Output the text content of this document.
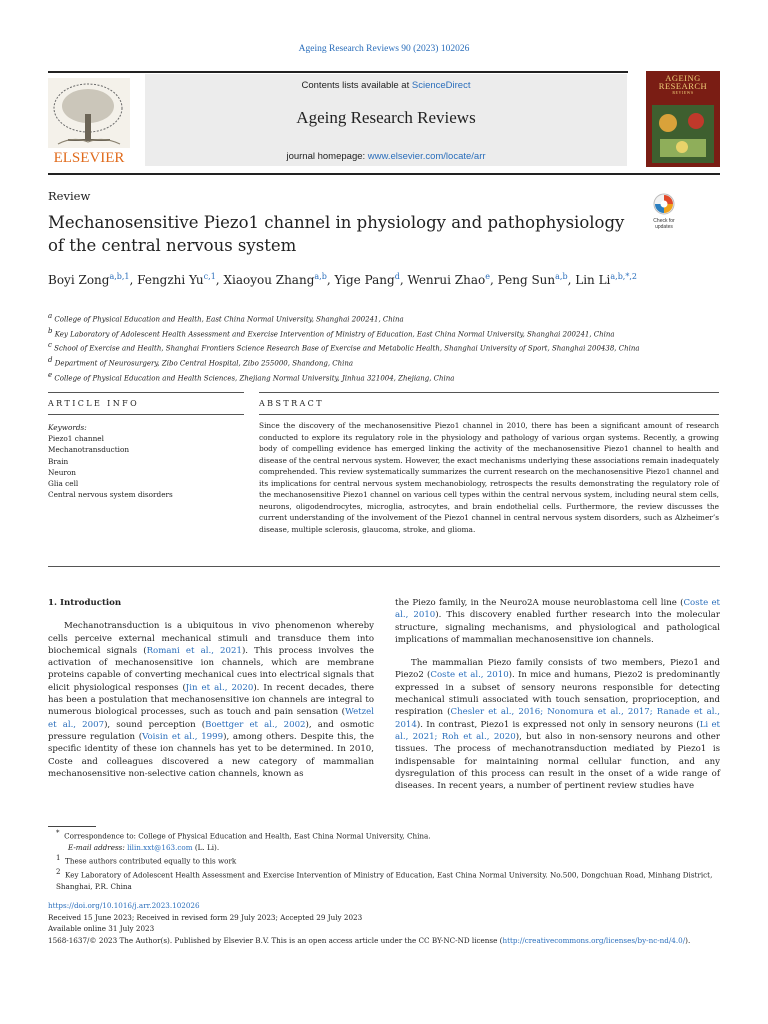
Ageing Research Reviews 90 (2023) 102026
ELSEVIER
Contents lists available at ScienceDirect
Ageing Research Reviews
journal homepage: www.elsevier.com/locate/arr
AGEING
RESEARCH
REVIEWS
Review
Mechanosensitive Piezo1 channel in physiology and pathophysiology of the central nervous system
Check for
updates
Boyi Zong$^{a,b,1}$, Fengzhi Yu$^{c,1}$, Xiaoyou Zhang$^{a,b}$, Yige Pang$^d$, Wenrui Zhao$^e$, Peng Sun$^{a,b}$, Lin $Li^{a,b,*,2}$
a College of Physical Education and Health, East China Normal University, Shanghai 200241, China
b Key Laboratory of Adolescent Health Assessment and Exercise Intervention of Ministry of Education, East China Normal University, Shanghai 200241, China
c School of Exercise and Health, Shanghai Frontiers Science Research Base of Exercise and Metabolic Health, Shanghai University of Sport, Shanghai 200438, China
d Department of Neurosurgery, Zibo Central Hospital, Zibo 255000, Shandong, China
e College of Physical Education and Health Sciences, Zhejiang Normal University, Jinhua 321004, Zhejiang, China
ARTICLE INFO	ABSTRACT
Keywords:
Piezo1 channel
Mechanotransduction
Brain
Neuron
Glia cell
Central nervous system disorders
Since the discovery of the mechanosensitive Piezo1 channel in 2010, there has been a significant amount of research conducted to explore its regulatory role in the physiology and pathology of various organ systems. Recently, a growing body of compelling evidence has emerged linking the activity of the mechanosensitive Piezo1 channel to health and disease of the central nervous system. However, the exact mechanisms underlying these associations remain inadequately comprehended. This review systematically summarizes the current research on the mechanosensitive Piezo1 channel and its implications for central nervous system mechanobiology, retrospects the results demonstrating the regulatory role of the mechanosensitive Piezo1 channel on various cell types within the central nervous system, including neural stem cells, neurons, oligodendrocytes, microglia, astrocytes, and brain endothelial cells. Furthermore, the review discusses the current understanding of the involvement of the Piezo1 channel in central nervous system disorders, such as Alzheimer’s disease, multiple sclerosis, glaucoma, stroke, and glioma.
1. Introduction

Mechanotransduction is a ubiquitous in vivo phenomenon whereby cells perceive external mechanical stimuli and transduce them into biochemical signals (Romani et al., 2021). This process involves the activation of mechanosensitive ion channels, which are membrane proteins capable of converting mechanical cues into electrical signals that elicit physiological responses (Jin et al., 2020). In recent decades, there has been a postulation that mechanosensitive ion channels are integral to numerous biological processes, such as touch and pain sensation (Wetzel et al., 2007), sound perception (Boettger et al., 2002), and osmotic pressure regulation (Voisin et al., 1999), among others. Despite this, the specific identity of these ion channels has yet to be determined. In 2010, Coste and colleagues discovered a new category of mammalian mechanosensitive non-selective cation channels, known as

the Piezo family, in the Neuro2A mouse neuroblastoma cell line (Coste et al., 2010). This discovery enabled further research into the molecular structure, signaling mechanisms, and physiological and pathological implications of mammalian mechanosensitive ion channels.

The mammalian Piezo family consists of two members, Piezo1 and Piezo2 (Coste et al., 2010). In mice and humans, Piezo2 is predominantly expressed in a subset of sensory neurons responsible for detecting mechanical stimuli associated with touch sensation, proprioception, and respiration (Chesler et al., 2016; Nonomura et al., 2017; Ranade et al., 2014). In contrast, Piezo1 is expressed not only in sensory neurons (Li et al., 2021; Roh et al., 2020), but also in non-sensory neurons and other tissues. The process of mechanotransduction mediated by Piezo1 is indispensable for maintaining normal cellular function, and any dysregulation of this process can result in the onset of a wide range of diseases. In recent years, a number of pertinent review studies have

* Correspondence to: College of Physical Education and Health, East China Normal University, China.
E-mail address: lilin.xxt@163.com (L. Li).
1 These authors contributed equally to this work
2 Key Laboratory of Adolescent Health Assessment and Exercise Intervention of Ministry of Education, East China Normal University. No.500, Dongchuan Road, Minhang District, Shanghai, P.R. China
https://doi.org/10.1016/j.arr.2023.102026
Received 15 June 2023; Received in revised form 29 July 2023; Accepted 29 July 2023
Available online 31 July 2023
1568-1637/© 2023 The Author(s). Published by Elsevier B.V. This is an open access article under the CC BY-NC-ND license (http://creativecommons.org/licenses/by-nc-nd/4.0/).
